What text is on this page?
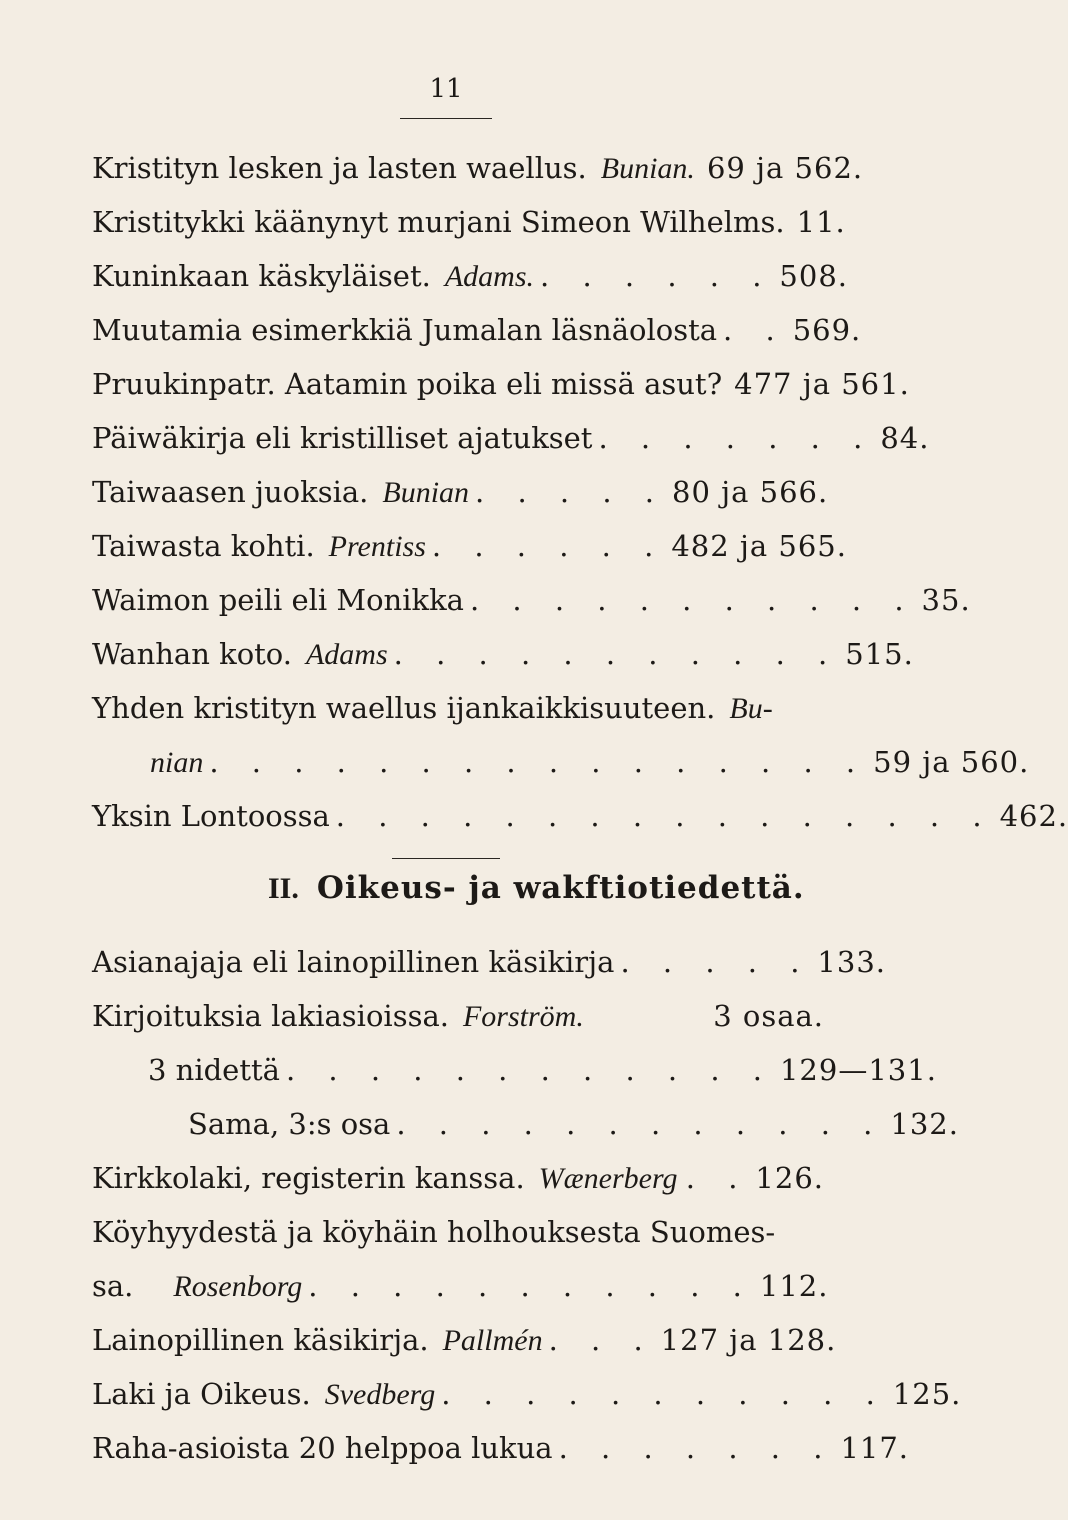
11
Kristityn lesken ja lasten waellus. Bunian. 69 ja 562.
Kristitykki käänynyt murjani Simeon Wilhelms. 11.
Kuninkaan käskyläiset. Adams. . . . . . . 508.
Muutamia esimerkkiä Jumalan läsnäolosta . . 569.
Pruukinpatr. Aatamin poika eli missä asut? 477 ja 561.
Päiwäkirja eli kristilliset ajatukset . . . . . . . 84.
Taiwaasen juoksia. Bunian . . . . . 80 ja 566.
Taiwasta kohti. Prentiss . . . . . . 482 ja 565.
Waimon peili eli Monikka . . . . . . . . . . . 35.
Wanhan koto. Adams . . . . . . . . . . . 515.
Yhden kristityn waellus ijankaikkisuuteen. Bu-
nian . . . . . . . . . . . . . . . . 59 ja 560.
Yksin Lontoossa . . . . . . . . . . . . . . . . 462.
II. Oikeus- ja wakftiotiedettä.
Asianajaja eli lainopillinen käsikirja . . . . . 133.
Kirjoituksia lakiasioissa. Forström.	3 osaa.
3 nidettä . . . . . . . . . . . . 129—131.
Sama, 3:s osa . . . . . . . . . . . . 132.
Kirkkolaki, registerin kanssa. Wænerberg . . 126.
Köyhyydestä ja köyhäin holhouksesta Suomes-
sa. Rosenborg . . . . . . . . . . . 112.
Lainopillinen käsikirja. Pallmén . . . 127 ja 128.
Laki ja Oikeus. Svedberg . . . . . . . . . . . 125.
Raha-asioista 20 helppoa lukua . . . . . . . 117.
